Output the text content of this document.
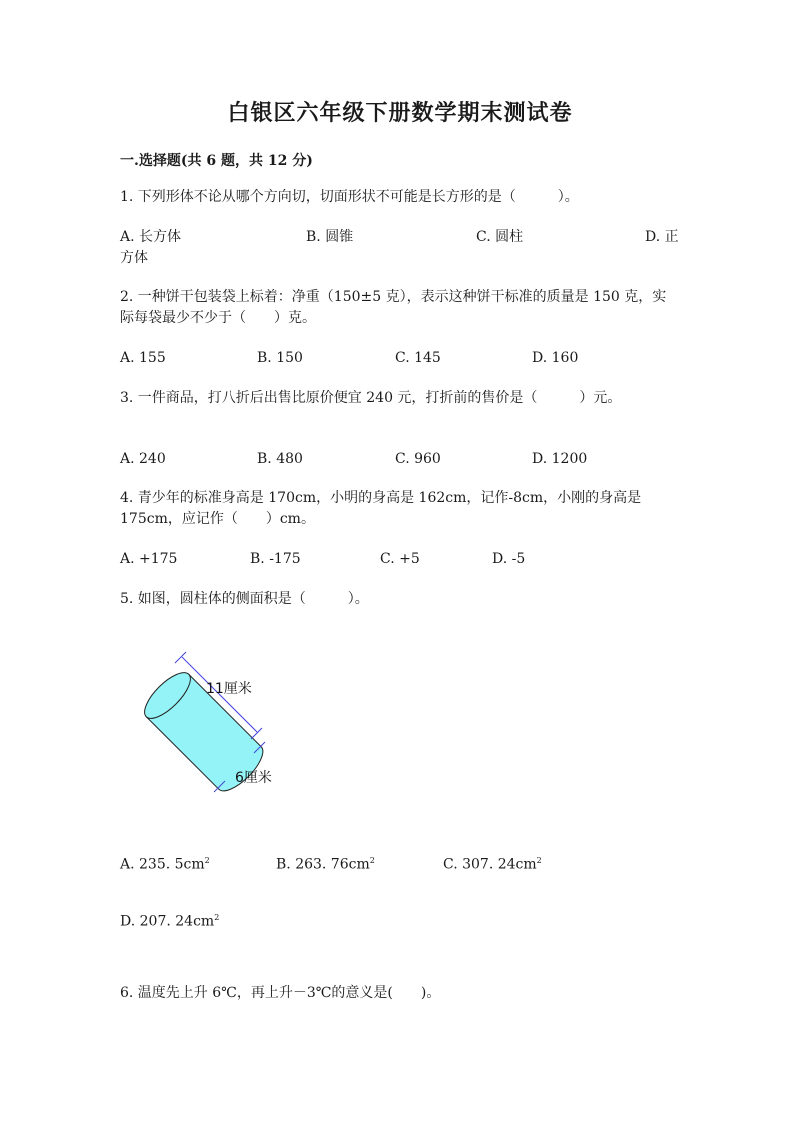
白银区六年级下册数学期末测试卷
一.选择题(共 6 题，共 12 分)
1. 下列形体不论从哪个方向切，切面形状不可能是长方形的是（　　　）。
A. 长方体	B. 圆锥	C. 圆柱	D. 正
方体
2. 一种饼干包装袋上标着：净重（150±5 克），表示这种饼干标准的质量是 150 克，实际每袋最少不少于（　　）克。
A. 155	B. 150	C. 145	D. 160
3. 一件商品，打八折后出售比原价便宜 240 元，打折前的售价是（　　　）元。
A. 240	B. 480	C. 960	D. 1200
4. 青少年的标准身高是 170cm，小明的身高是 162cm，记作-8cm，小刚的身高是 175cm，应记作（　　）cm。
A. +175	B. -175	C. +5	D. -5
5. 如图，圆柱体的侧面积是（　　　）。
11厘米
6厘米
A. 235. $5cm^2$	B. 263. $76cm^2$	C. 307. $24cm^2$
D. 207. $24cm^2$
6. 温度先上升 6℃，再上升－3℃的意义是(　　)。
